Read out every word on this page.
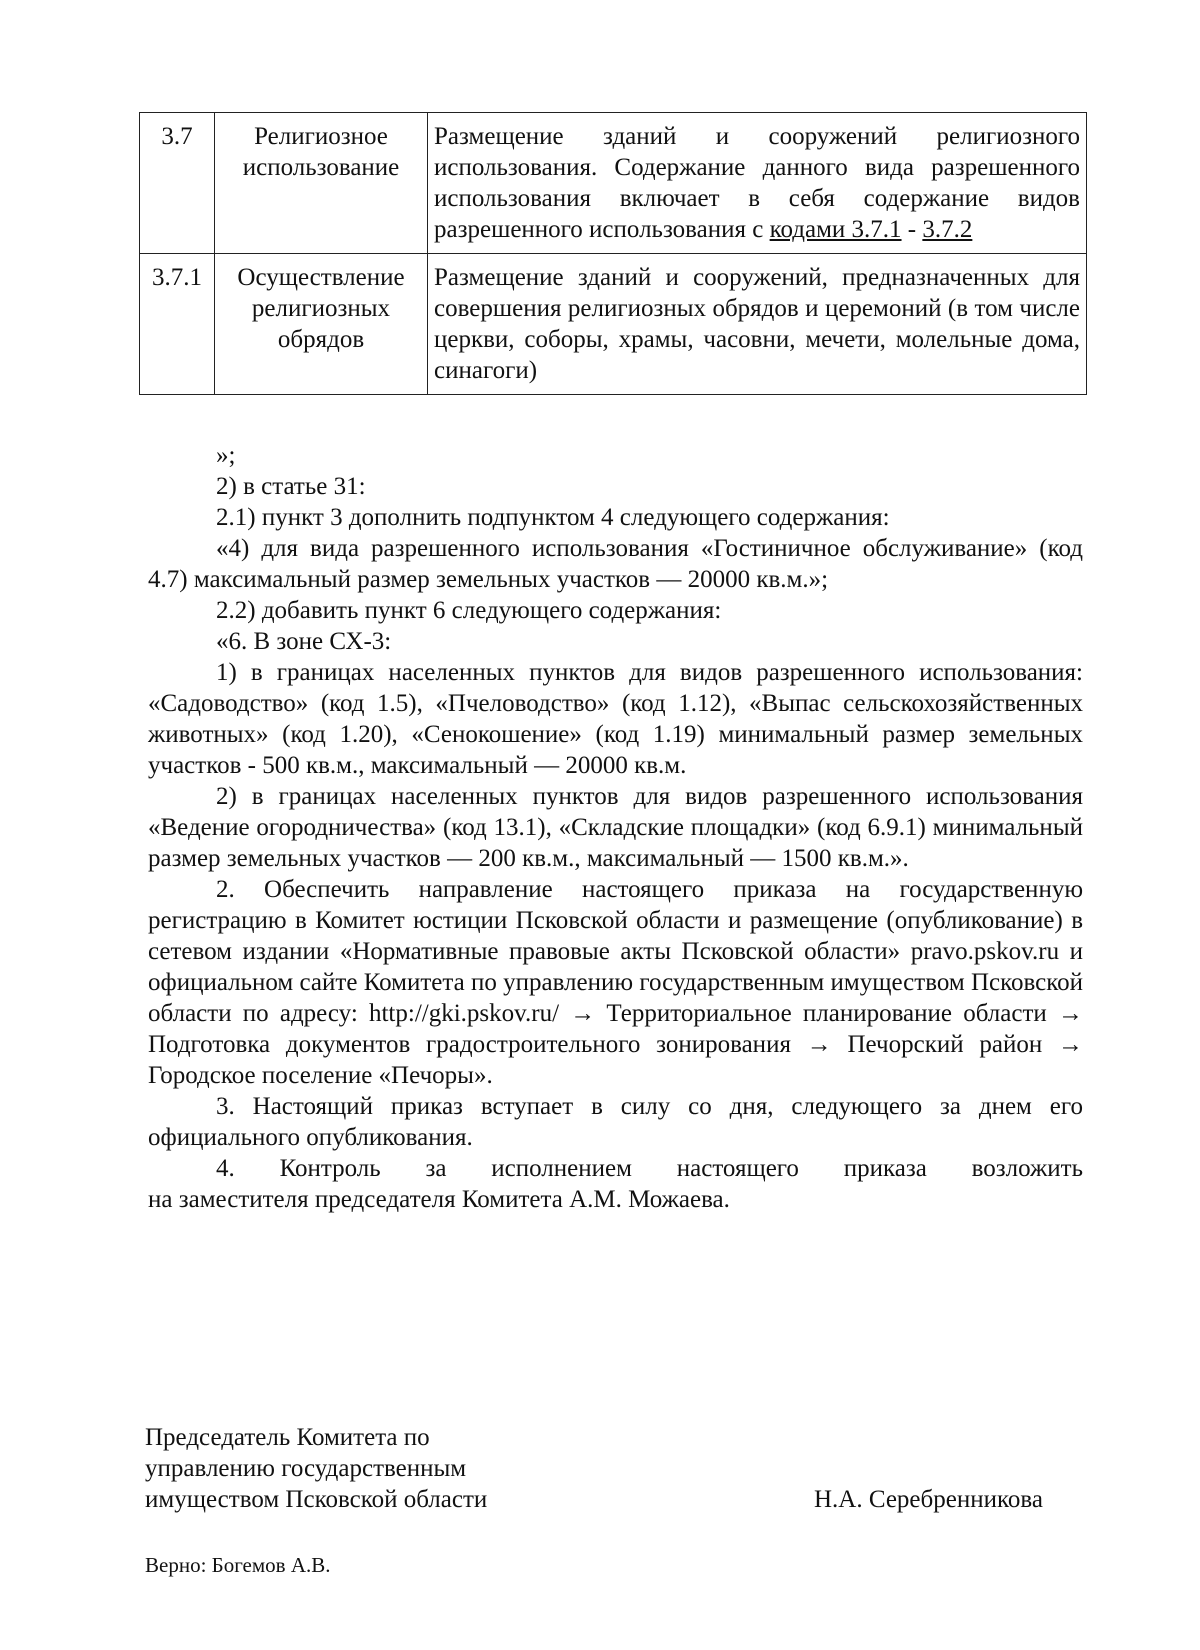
3.7	Религиозное использование	Размещение зданий и сооружений религиозного использования. Содержание данного вида разрешенного использования включает в себя содержание видов разрешенного использования с кодами 3.7.1 - 3.7.2
3.7.1	Осуществление религиозных обрядов	Размещение зданий и сооружений, предназначенных для совершения религиозных обрядов и церемоний (в том числе церкви, соборы, храмы, часовни, мечети, молельные дома, синагоги)

»;

2) в статье 31:

2.1) пункт 3 дополнить подпунктом 4 следующего содержания:

«4) для вида разрешенного использования «Гостиничное обслуживание» (код 4.7) максимальный размер земельных участков — 20000 кв.м.»;

2.2) добавить пункт 6 следующего содержания:

«6. В зоне СХ-3:

1) в границах населенных пунктов для видов разрешенного использования: «Садоводство» (код 1.5), «Пчеловодство» (код 1.12), «Выпас сельскохозяйственных животных» (код 1.20), «Сенокошение» (код 1.19) минимальный размер земельных участков - 500 кв.м., максимальный — 20000 кв.м.

2) в границах населенных пунктов для видов разрешенного использования «Ведение огородничества» (код 13.1), «Складские площадки» (код 6.9.1) минимальный размер земельных участков — 200 кв.м., максимальный — 1500 кв.м.».

2. Обеспечить направление настоящего приказа на государственную регистрацию в Комитет юстиции Псковской области и размещение (опубликование) в сетевом издании «Нормативные правовые акты Псковской области» pravo.pskov.ru и официальном сайте Комитета по управлению государственным имуществом Псковской области по адресу: http://gki.pskov.ru/ → Территориальное планирование области → Подготовка документов градостроительного зонирования → Печорский район → Городское поселение «Печоры».

3. Настоящий приказ вступает в силу со дня, следующего за днем его официального опубликования.

4. Контроль за исполнением настоящего приказа возложить

на заместителя председателя Комитета А.М. Можаева.

Председатель Комитета по
управлению государственным
имуществом Псковской области	Н.А. Серебренникова
Верно: Богемов А.В.
